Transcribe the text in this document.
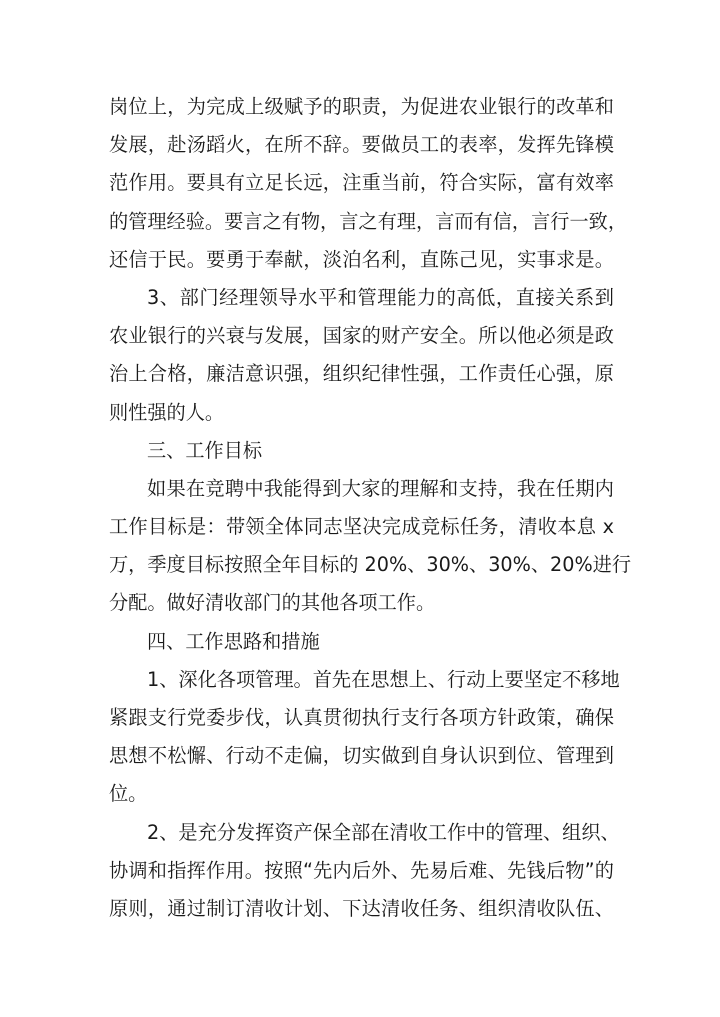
岗位上，为完成上级赋予的职责，为促进农业银行的改革和
发展，赴汤蹈火，在所不辞。要做员工的表率，发挥先锋模
范作用。要具有立足长远，注重当前，符合实际，富有效率
的管理经验。要言之有物，言之有理，言而有信，言行一致，
还信于民。要勇于奉献，淡泊名利，直陈己见，实事求是。
3、部门经理领导水平和管理能力的高低，直接关系到
农业银行的兴衰与发展，国家的财产安全。所以他必须是政
治上合格，廉洁意识强，组织纪律性强，工作责任心强，原
则性强的人。
三、工作目标
如果在竞聘中我能得到大家的理解和支持，我在任期内
工作目标是：带领全体同志坚决完成竞标任务，清收本息 x
万，季度目标按照全年目标的 20%、30%、30%、20%进行
分配。做好清收部门的其他各项工作。
四、工作思路和措施
1、深化各项管理。首先在思想上、行动上要坚定不移地
紧跟支行党委步伐，认真贯彻执行支行各项方针政策，确保
思想不松懈、行动不走偏，切实做到自身认识到位、管理到
位。
2、是充分发挥资产保全部在清收工作中的管理、组织、
协调和指挥作用。按照“先内后外、先易后难、先钱后物”的
原则，通过制订清收计划、下达清收任务、组织清收队伍、
